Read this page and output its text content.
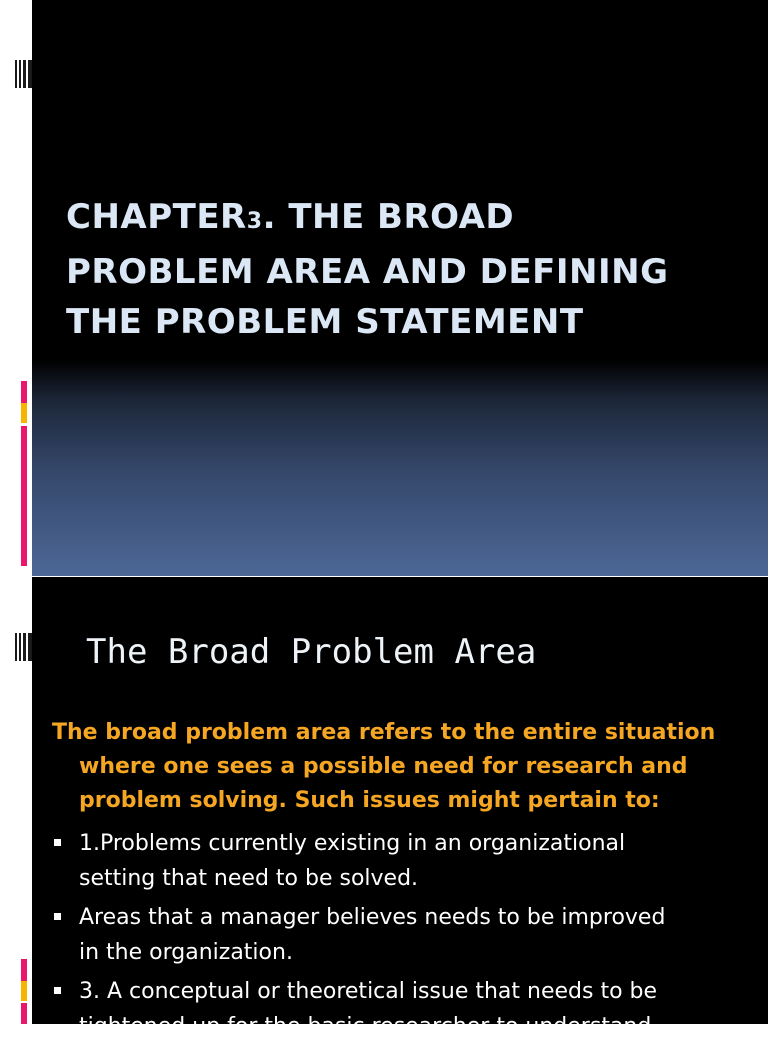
CHAPTER3. THE BROAD
PROBLEM AREA AND DEFINING
THE PROBLEM STATEMENT
The Broad Problem Area
The broad problem area refers to the entire situation
where one sees a possible need for research and
problem solving. Such issues might pertain to:
1.Problems currently existing in an organizational
setting that need to be solved.
Areas that a manager believes needs to be improved
in the organization.
3. A conceptual or theoretical issue that needs to be
tightened up for the basic researcher to understand
